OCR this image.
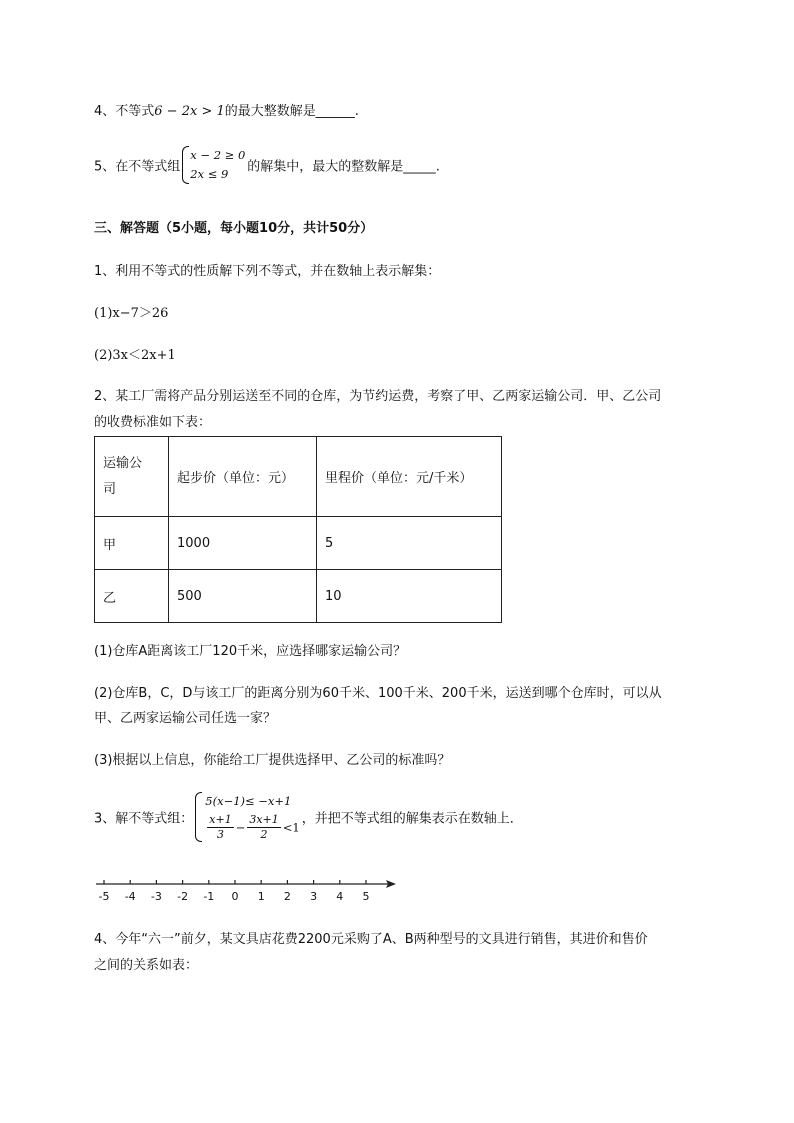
4、不等式6 − 2x > 1的最大整数解是______.
5、在不等式组
x − 2 ≥ 0
2x ≤ 9	的解集中，最大的整数解是_____.
三、解答题（5小题，每小题10分，共计50分）
1、利用不等式的性质解下列不等式，并在数轴上表示解集：
(1)x−7＞26
(2)3x＜2x+1
2、某工厂需将产品分别运送至不同的仓库，为节约运费，考察了甲、乙两家运输公司．甲、乙公司
的收费标准如下表：
运输公
司	起步价（单位：元）	里程价（单位：元/千米）
甲	1000	5
乙	500	10
(1)仓库A距离该工厂120千米，应选择哪家运输公司？
(2)仓库B，C，D与该工厂的距离分别为60千米、100千米、200千米，运送到哪个仓库时，可以从
甲、乙两家运输公司任选一家？
(3)根据以上信息，你能给工厂提供选择甲、乙公司的标准吗？
3、解不等式组：
5(x−1)≤ −x+1
$\frac{x+1}{3} - \frac{3x+1}{2} <1$
，并把不等式组的解集表示在数轴上．
-5 -4 -3 -2 -1 0 1 2 3 4 5
4、今年“六一”前夕，某文具店花费2200元采购了A、B两种型号的文具进行销售，其进价和售价
之间的关系如表：
